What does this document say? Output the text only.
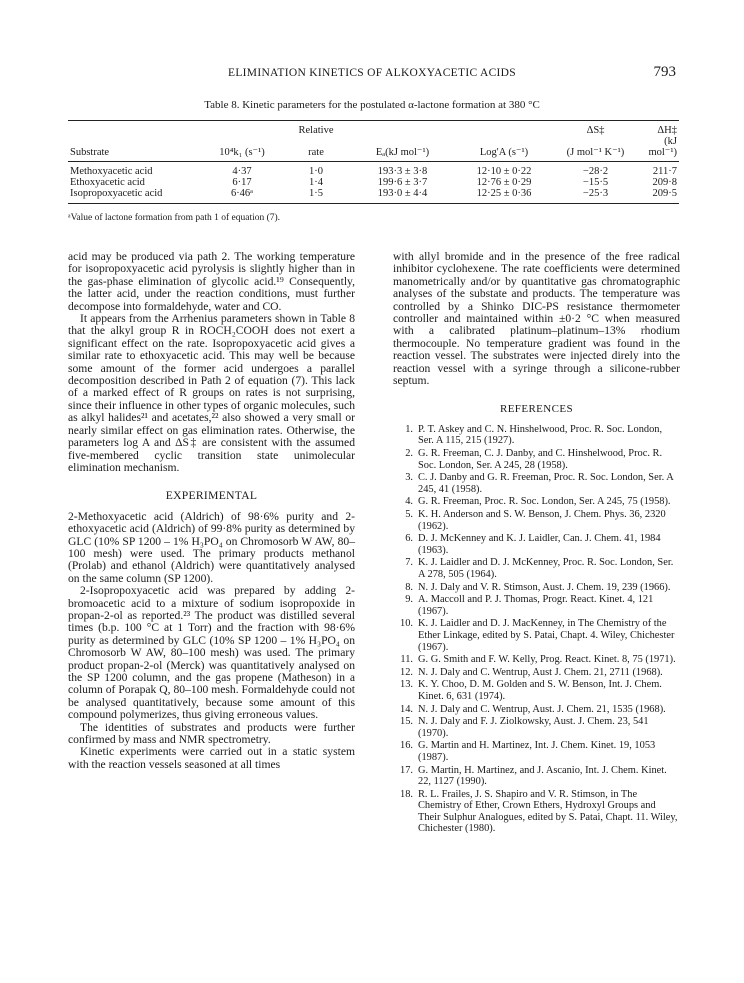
ELIMINATION KINETICS OF ALKOXYACETIC ACIDS	793
Table 8. Kinetic parameters for the postulated α-lactone formation at 380 °C
		Relative			ΔS‡	ΔH‡
Substrate	10⁴k₁ (s⁻¹)	rate	Eₐ(kJ mol⁻¹)	Log'A (s⁻¹)	(J mol⁻¹ K⁻¹)	(kJ mol⁻¹)
Methoxyacetic acid	4·37	1·0	193·3 ± 3·8	12·10 ± 0·22	−28·2	211·7
Ethoxyacetic acid	6·17	1·4	199·6 ± 3·7	12·76 ± 0·29	−15·5	209·8
Isopropoxyacetic acid	6·46ᵃ	1·5	193·0 ± 4·4	12·25 ± 0·36	−25·3	209·5
ᵃValue of lactone formation from path 1 of equation (7).

acid may be produced via path 2. The working temperature for isopropoxyacetic acid pyrolysis is slightly higher than in the gas-phase elimination of glycolic acid.¹⁹ Consequently, the latter acid, under the reaction conditions, must further decompose into formaldehyde, water and CO.

It appears from the Arrhenius parameters shown in Table 8 that the alkyl group R in ROCH₂COOH does not exert a significant effect on the rate. Isopropoxyacetic acid gives a similar rate to ethoxyacetic acid. This may well be because some amount of the former acid undergoes a parallel decomposition described in Path 2 of equation (7). This lack of a marked effect of R groups on rates is not surprising, since their influence in other types of organic molecules, such as alkyl halides²¹ and acetates,²² also showed a very small or nearly similar effect on gas elimination rates. Otherwise, the parameters log A and ΔS‡ are consistent with the assumed five-membered cyclic transition state unimolecular elimination mechanism.

EXPERIMENTAL

2-Methoxyacetic acid (Aldrich) of 98·6% purity and 2-ethoxyacetic acid (Aldrich) of 99·8% purity as determined by GLC (10% SP 1200 – 1% H₃PO₄ on Chromosorb W AW, 80–100 mesh) were used. The primary products methanol (Prolab) and ethanol (Aldrich) were quantitatively analysed on the same column (SP 1200).

2-Isopropoxyacetic acid was prepared by adding 2-bromoacetic acid to a mixture of sodium isopropoxide in propan-2-ol as reported.²³ The product was distilled several times (b.p. 100 °C at 1 Torr) and the fraction with 98·6% purity as determined by GLC (10% SP 1200 – 1% H₃PO₄ on Chromosorb W AW, 80–100 mesh) was used. The primary product propan-2-ol (Merck) was quantitatively analysed on the SP 1200 column, and the gas propene (Matheson) in a column of Porapak Q, 80–100 mesh. Formaldehyde could not be analysed quantitatively, because some amount of this compound polymerizes, thus giving erroneous values.

The identities of substrates and products were further confirmed by mass and NMR spectrometry.

Kinetic experiments were carried out in a static system with the reaction vessels seasoned at all times

with allyl bromide and in the presence of the free radical inhibitor cyclohexene. The rate coefficients were determined manometrically and/or by quantitative gas chromatographic analyses of the substate and products. The temperature was controlled by a Shinko DIC-PS resistance thermometer controller and maintained within ±0·2 °C when measured with a calibrated platinum–platinum–13% rhodium thermocouple. No temperature gradient was found in the reaction vessel. The substrates were injected direly into the reaction vessel with a syringe through a silicone-rubber septum.

REFERENCES
1. P. T. Askey and C. N. Hinshelwood, Proc. R. Soc. London, Ser. A 115, 215 (1927).
2. G. R. Freeman, C. J. Danby, and C. Hinshelwood, Proc. R. Soc. London, Ser. A 245, 28 (1958).
3. C. J. Danby and G. R. Freeman, Proc. R. Soc. London, Ser. A 245, 41 (1958).
4. G. R. Freeman, Proc. R. Soc. London, Ser. A 245, 75 (1958).
5. K. H. Anderson and S. W. Benson, J. Chem. Phys. 36, 2320 (1962).
6. D. J. McKenney and K. J. Laidler, Can. J. Chem. 41, 1984 (1963).
7. K. J. Laidler and D. J. McKenney, Proc. R. Soc. London, Ser. A 278, 505 (1964).
8. N. J. Daly and V. R. Stimson, Aust. J. Chem. 19, 239 (1966).
9. A. Maccoll and P. J. Thomas, Progr. React. Kinet. 4, 121 (1967).
10. K. J. Laidler and D. J. MacKenney, in The Chemistry of the Ether Linkage, edited by S. Patai, Chapt. 4. Wiley, Chichester (1967).
11. G. G. Smith and F. W. Kelly, Prog. React. Kinet. 8, 75 (1971).
12. N. J. Daly and C. Wentrup, Aust J. Chem. 21, 2711 (1968).
13. K. Y. Choo, D. M. Golden and S. W. Benson, Int. J. Chem. Kinet. 6, 631 (1974).
14. N. J. Daly and C. Wentrup, Aust. J. Chem. 21, 1535 (1968).
15. N. J. Daly and F. J. Ziolkowsky, Aust. J. Chem. 23, 541 (1970).
16. G. Martin and H. Martinez, Int. J. Chem. Kinet. 19, 1053 (1987).
17. G. Martin, H. Martinez, and J. Ascanio, Int. J. Chem. Kinet. 22, 1127 (1990).
18. R. L. Frailes, J. S. Shapiro and V. R. Stimson, in The Chemistry of Ether, Crown Ethers, Hydroxyl Groups and Their Sulphur Analogues, edited by S. Patai, Chapt. 11. Wiley, Chichester (1980).
